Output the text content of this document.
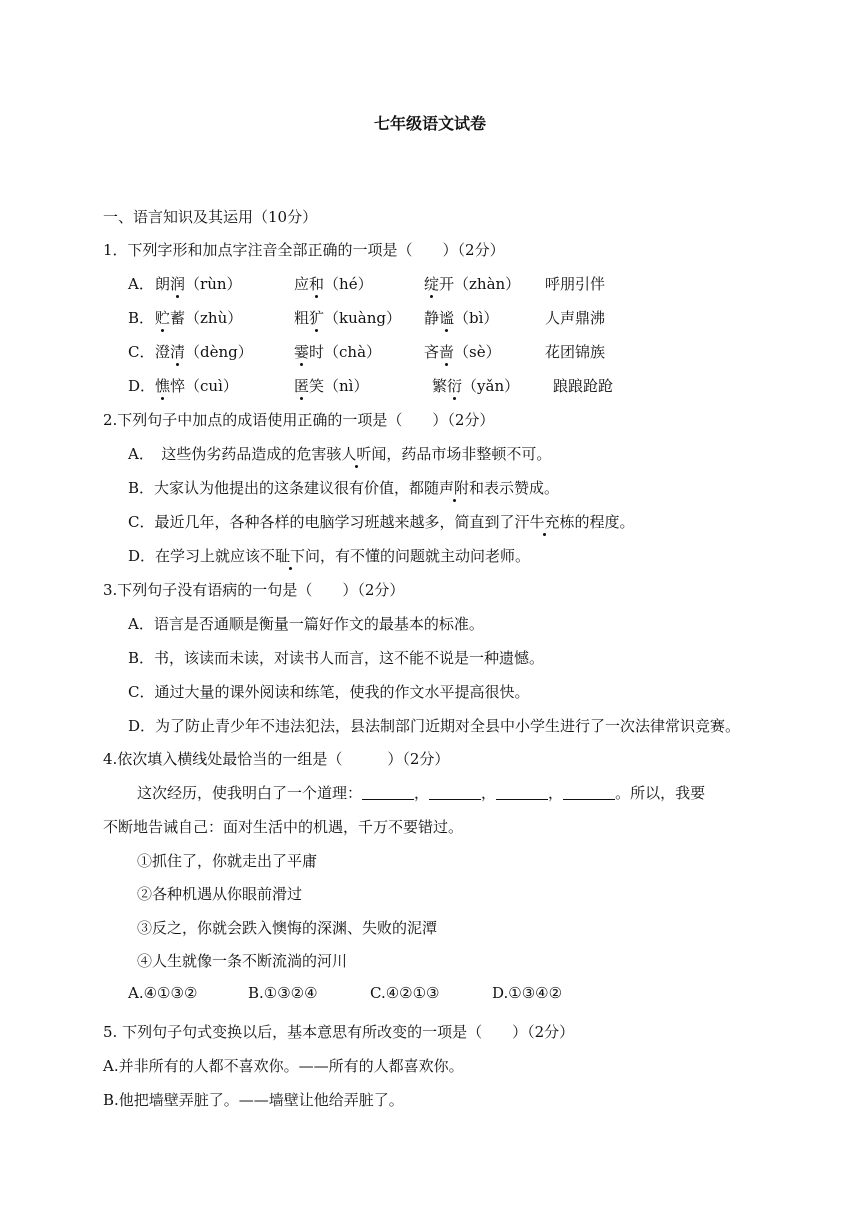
七年级语文试卷
一、语言知识及其运用（10分）
1．下列字形和加点字注音全部正确的一项是（　　）（2分）
A． 朗润（rùn）	应和（hé）	绽开（zhàn） 呼朋引伴
B． 贮蓄（zhù）	粗犷（kuàng） 静谧（bì）	人声鼎沸
C． 澄清（dèng）	霎时（chà）	吝啬（sè）	花团锦族
D． 憔悴（cuì）	匿笑（nì）	繁衍（yǎn） 踉踉跄跄
2.下列句子中加点的成语使用正确的一项是（　　）（2分）
A．　这些伪劣药品造成的危害骇人听闻，药品市场非整顿不可。
B．大家认为他提出的这条建议很有价值，都随声附和表示赞成。
C．最近几年，各种各样的电脑学习班越来越多，简直到了汗牛充栋的程度。
D．在学习上就应该不耻下问，有不懂的问题就主动问老师。
3.下列句子没有语病的一句是（　　）（2分）
A．语言是否通顺是衡量一篇好作文的最基本的标准。
B．书，该读而未读，对读书人而言，这不能不说是一种遗憾。
C．通过大量的课外阅读和练笔，使我的作文水平提高很快。
D．为了防止青少年不违法犯法，县法制部门近期对全县中小学生进行了一次法律常识竞赛。
4.依次填入横线处最恰当的一组是（　　　）（2分）
这次经历，使我明白了一个道理：	，	，	，	。所以，我要
不断地告诫自己：面对生活中的机遇，千万不要错过。
①抓住了，你就走出了平庸
②各种机遇从你眼前滑过
③反之，你就会跌入懊悔的深渊、失败的泥潭
④人生就像一条不断流淌的河川
A.④①③②	B.①③②④	C.④②①③	D.①③④②
5. 下列句子句式变换以后，基本意思有所改变的一项是（　　）（2分）
A.并非所有的人都不喜欢你。——所有的人都喜欢你。
B.他把墙壁弄脏了。——墙壁让他给弄脏了。
